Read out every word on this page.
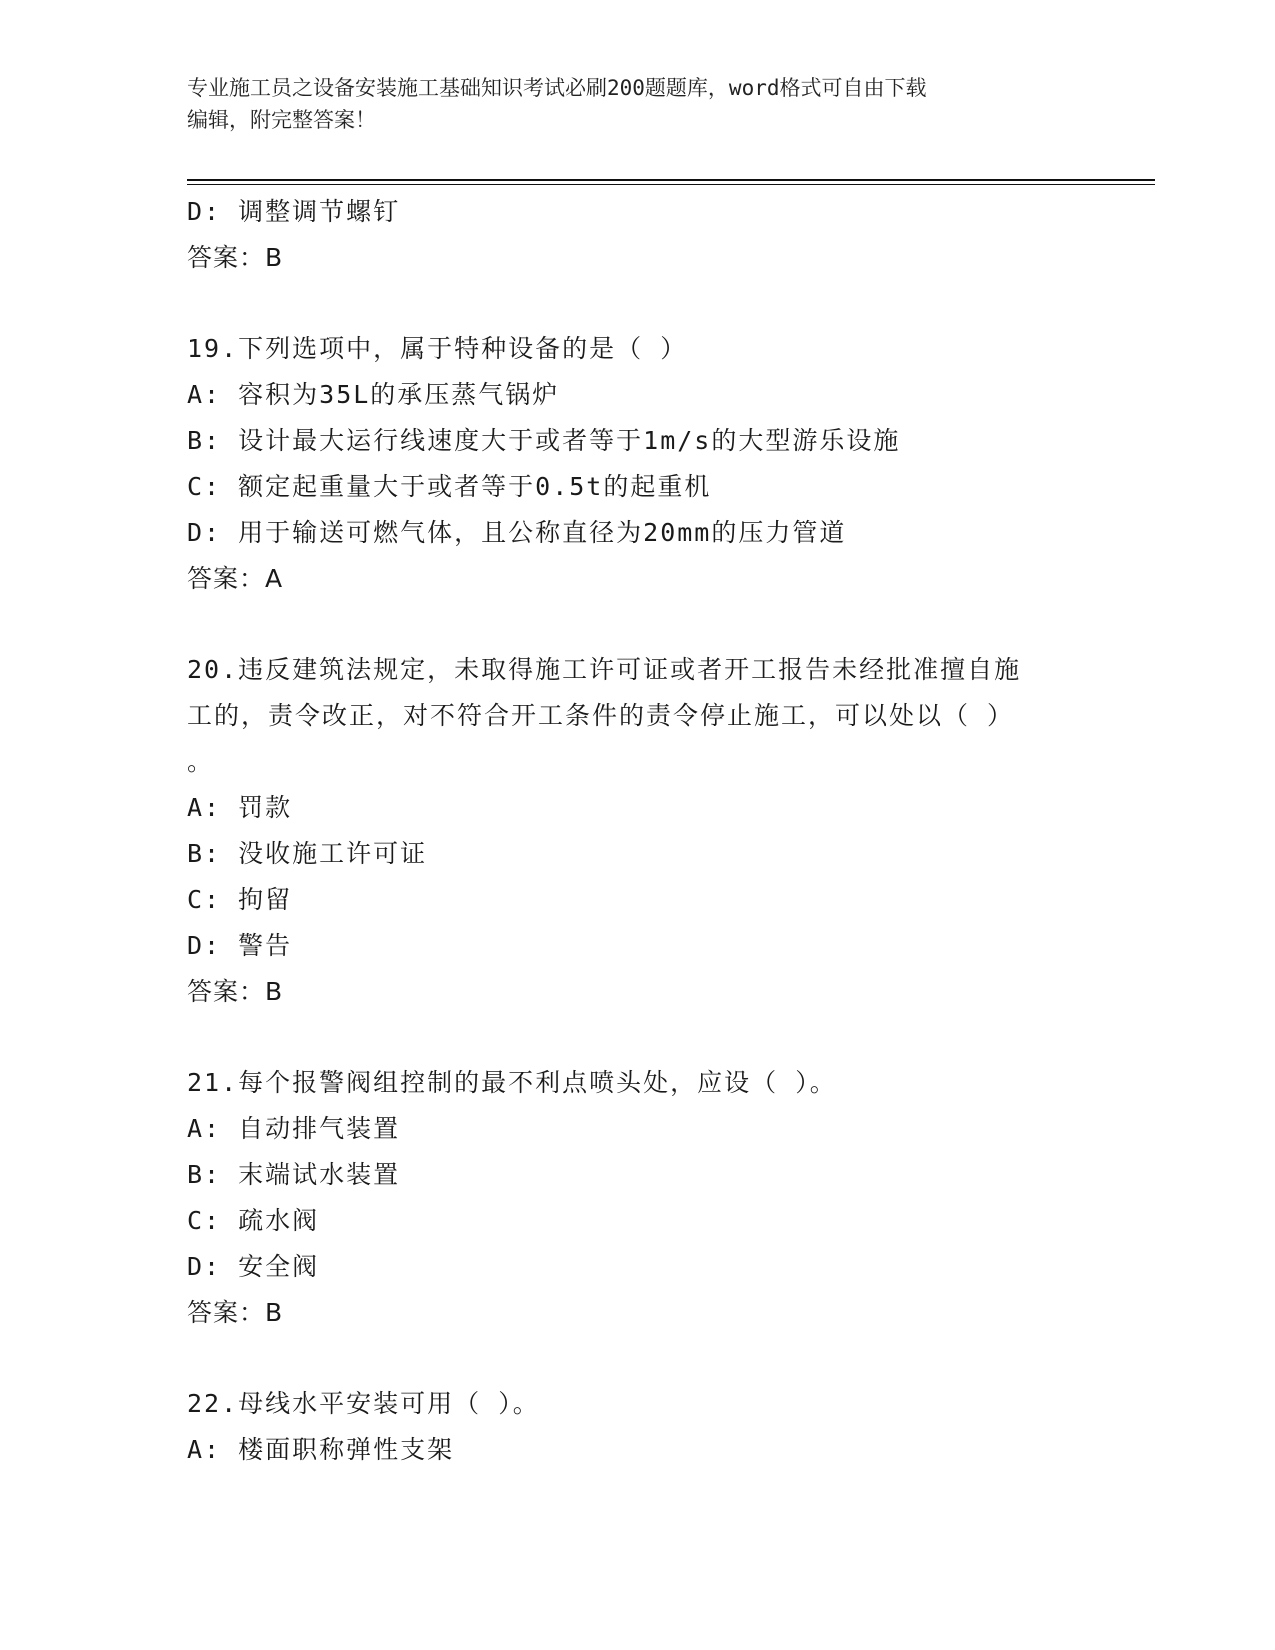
专业施工员之设备安装施工基础知识考试必刷200题题库，word格式可自由下载
编辑，附完整答案！
D: 调整调节螺钉
答案：B
19.下列选项中，属于特种设备的是（ ）
A: 容积为35L的承压蒸气锅炉
B: 设计最大运行线速度大于或者等于1m/s的大型游乐设施
C: 额定起重量大于或者等于0.5t的起重机
D: 用于输送可燃气体，且公称直径为20mm的压力管道
答案：A
20.违反建筑法规定，未取得施工许可证或者开工报告未经批准擅自施
工的，责令改正，对不符合开工条件的责令停止施工，可以处以（ ）
。
A: 罚款
B: 没收施工许可证
C: 拘留
D: 警告
答案：B
21.每个报警阀组控制的最不利点喷头处，应设（ ）。
A: 自动排气装置
B: 末端试水装置
C: 疏水阀
D: 安全阀
答案：B
22.母线水平安装可用（ ）。
A: 楼面职称弹性支架
